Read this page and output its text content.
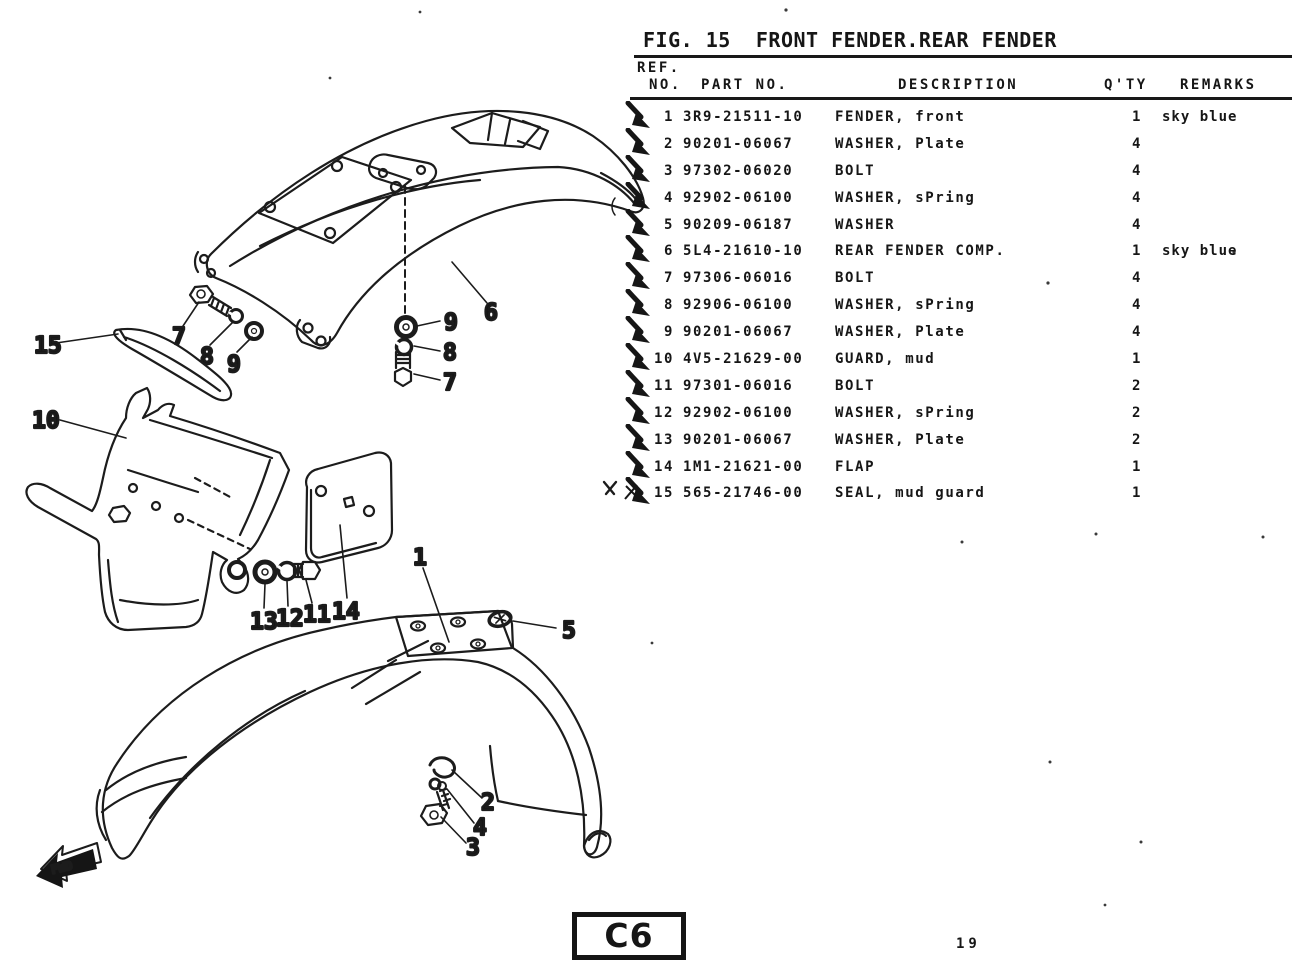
15	7
8 9
9
8
7
6
10
13
12 11 14
1
5
2
4
3
FWD
FIG. 15  FRONT FENDER.REAR FENDER
REF.
NO. PART NO.	DESCRIPTION	Q'TY REMARKS
1 3R9-21511-10 FENDER, front	1	sky blue
2 90201-06067	WASHER, Plate	4
3 97302-06020	BOLT	4
4 92902-06100	WASHER, sPring	4
5 90209-06187	WASHER	4
6 5L4-21610-10 REAR FENDER COMP.	1	sky blue
7 97306-06016	BOLT	4
8 92906-06100	WASHER, sPring	4
9 90201-06067	WASHER, Plate	4
10 4V5-21629-00 GUARD, mud	1
11 97301-06016	BOLT	2
12 92902-06100	WASHER, sPring	2
13 90201-06067	WASHER, Plate	2
14 1M1-21621-00 FLAP	1
15 565-21746-00 SEAL, mud guard	1
C6	19
